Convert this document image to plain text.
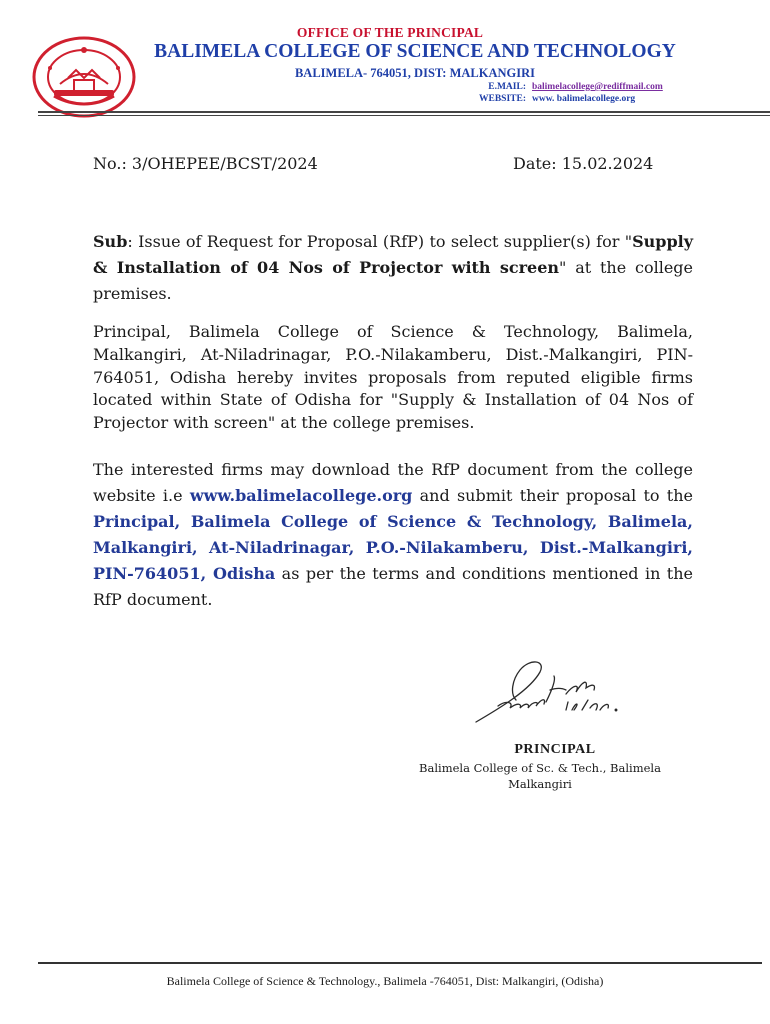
OFFICE OF THE PRINCIPAL
BALIMELA COLLEGE OF SCIENCE AND TECHNOLOGY
BALIMELA- 764051, DIST: MALKANGIRI
E.MAIL: balimelacollege@rediffmail.com
WEBSITE: www. balimelacollege.org
No.: 3/OHEPEE/BCST/2024	Date: 15.02.2024
Sub: Issue of Request for Proposal (RfP) to select supplier(s) for "Supply & Installation of 04 Nos of Projector with screen" at the college premises.
Principal, Balimela College of Science & Technology, Balimela, Malkangiri, At-Niladrinagar, P.O.-Nilakamberu, Dist.-Malkangiri, PIN-764051, Odisha hereby invites proposals from reputed eligible firms located within State of Odisha for "Supply & Installation of 04 Nos of Projector with screen" at the college premises.
The interested firms may download the RfP document from the college website i.e www.balimelacollege.org and submit their proposal to the Principal, Balimela College of Science & Technology, Balimela, Malkangiri, At-Niladrinagar, P.O.-Nilakamberu, Dist.-Malkangiri, PIN-764051, Odisha as per the terms and conditions mentioned in the RfP document.
PRINCIPAL
Balimela College of Sc. & Tech., Balimela
Malkangiri
Balimela College of Science & Technology., Balimela -764051, Dist: Malkangiri, (Odisha)
